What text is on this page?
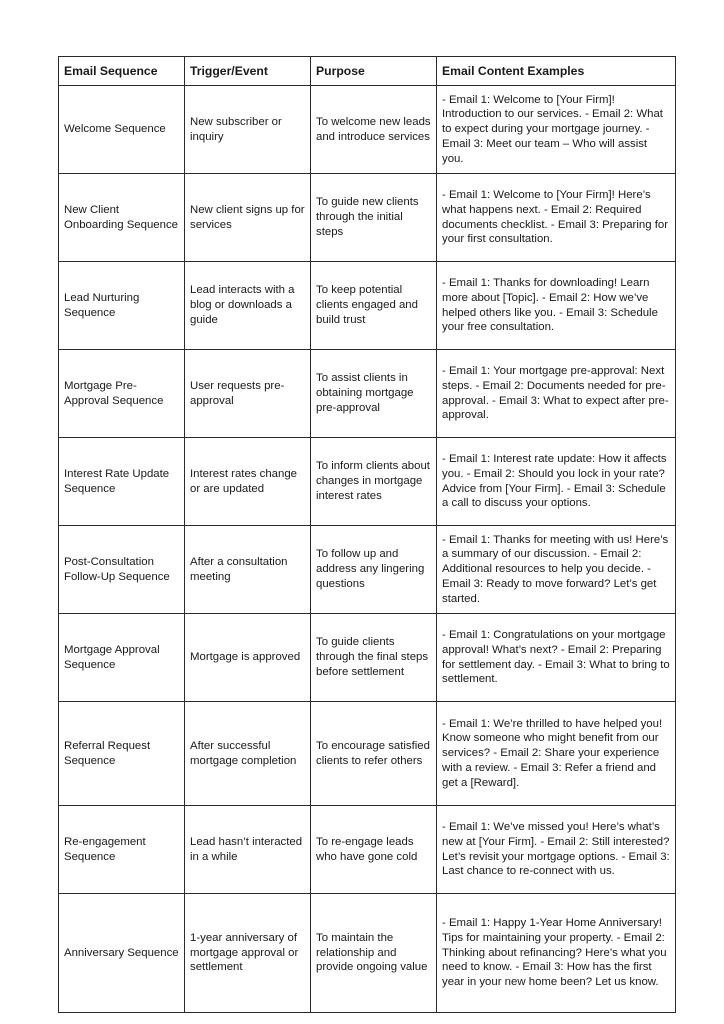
Email Sequence	Trigger/Event	Purpose	Email Content Examples
Welcome Sequence	New subscriber or inquiry	To welcome new leads and introduce services	- Email 1: Welcome to [Your Firm]! Introduction to our services. - Email 2: What to expect during your mortgage journey. - Email 3: Meet our team – Who will assist you.
New Client Onboarding Sequence	New client signs up for services	To guide new clients through the initial steps	- Email 1: Welcome to [Your Firm]! Here’s what happens next. - Email 2: Required documents checklist. - Email 3: Preparing for your first consultation.
Lead Nurturing Sequence	Lead interacts with a blog or downloads a guide	To keep potential clients engaged and build trust	- Email 1: Thanks for downloading! Learn more about [Topic]. - Email 2: How we’ve helped others like you. - Email 3: Schedule your free consultation.
Mortgage Pre-Approval Sequence	User requests pre-approval	To assist clients in obtaining mortgage pre-approval	- Email 1: Your mortgage pre-approval: Next steps. - Email 2: Documents needed for pre-approval. - Email 3: What to expect after pre-approval.
Interest Rate Update Sequence	Interest rates change or are updated	To inform clients about changes in mortgage interest rates	- Email 1: Interest rate update: How it affects you. - Email 2: Should you lock in your rate? Advice from [Your Firm]. - Email 3: Schedule a call to discuss your options.
Post-Consultation Follow-Up Sequence	After a consultation meeting	To follow up and address any lingering questions	- Email 1: Thanks for meeting with us! Here’s a summary of our discussion. - Email 2: Additional resources to help you decide. - Email 3: Ready to move forward? Let’s get started.
Mortgage Approval Sequence	Mortgage is approved	To guide clients through the final steps before settlement	- Email 1: Congratulations on your mortgage approval! What’s next? - Email 2: Preparing for settlement day. - Email 3: What to bring to settlement.
Referral Request Sequence	After successful mortgage completion	To encourage satisfied clients to refer others	- Email 1: We’re thrilled to have helped you! Know someone who might benefit from our services? - Email 2: Share your experience with a review. - Email 3: Refer a friend and get a [Reward].
Re-engagement Sequence	Lead hasn’t interacted in a while	To re-engage leads who have gone cold	- Email 1: We’ve missed you! Here’s what’s new at [Your Firm]. - Email 2: Still interested? Let’s revisit your mortgage options. - Email 3: Last chance to re-connect with us.
Anniversary Sequence	1-year anniversary of mortgage approval or settlement	To maintain the relationship and provide ongoing value	- Email 1: Happy 1-Year Home Anniversary! Tips for maintaining your property. - Email 2: Thinking about refinancing? Here’s what you need to know. - Email 3: How has the first year in your new home been? Let us know.
